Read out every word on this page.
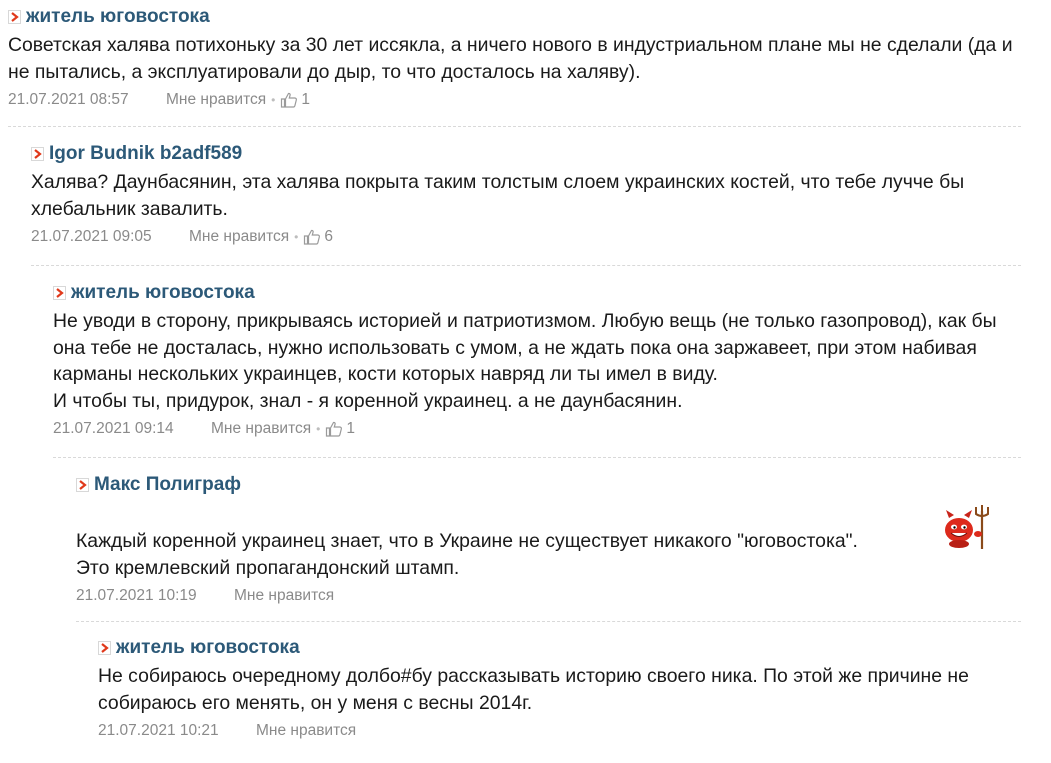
житель юговостока
Советская халява потихоньку за 30 лет иссякла, а ничего нового в индустриальном плане мы не сделали (да и не пытались, а эксплуатировали до дыр, то что досталось на халяву).
21.07.2021 08:57	Мне нравится • 1
Igor Budnik b2adf589
Халява? Даунбасянин, эта халява покрыта таким толстым слоем украинских костей, что тебе лучче бы хлебальник завалить.
21.07.2021 09:05	Мне нравится • 6
житель юговостока
Не уводи в сторону, прикрываясь историей и патриотизмом. Любую вещь (не только газопровод), как бы она тебе не досталась, нужно использовать с умом, а не ждать пока она заржавеет, при этом набивая карманы нескольких украинцев, кости которых навряд ли ты имел в виду.
И чтобы ты, придурок, знал - я коренной украинец. а не даунбасянин.
21.07.2021 09:14	Мне нравится • 1
Макс Полиграф
Каждый коренной украинец знает, что в Украине не существует никакого "юговостока".
Это кремлевский пропагандонский штамп.
21.07.2021 10:19	Мне нравится
житель юговостока
Не собираюсь очередному долбо#бу рассказывать историю своего ника. По этой же причине не собираюсь его менять, он у меня с весны 2014г.
21.07.2021 10:21	Мне нравится
